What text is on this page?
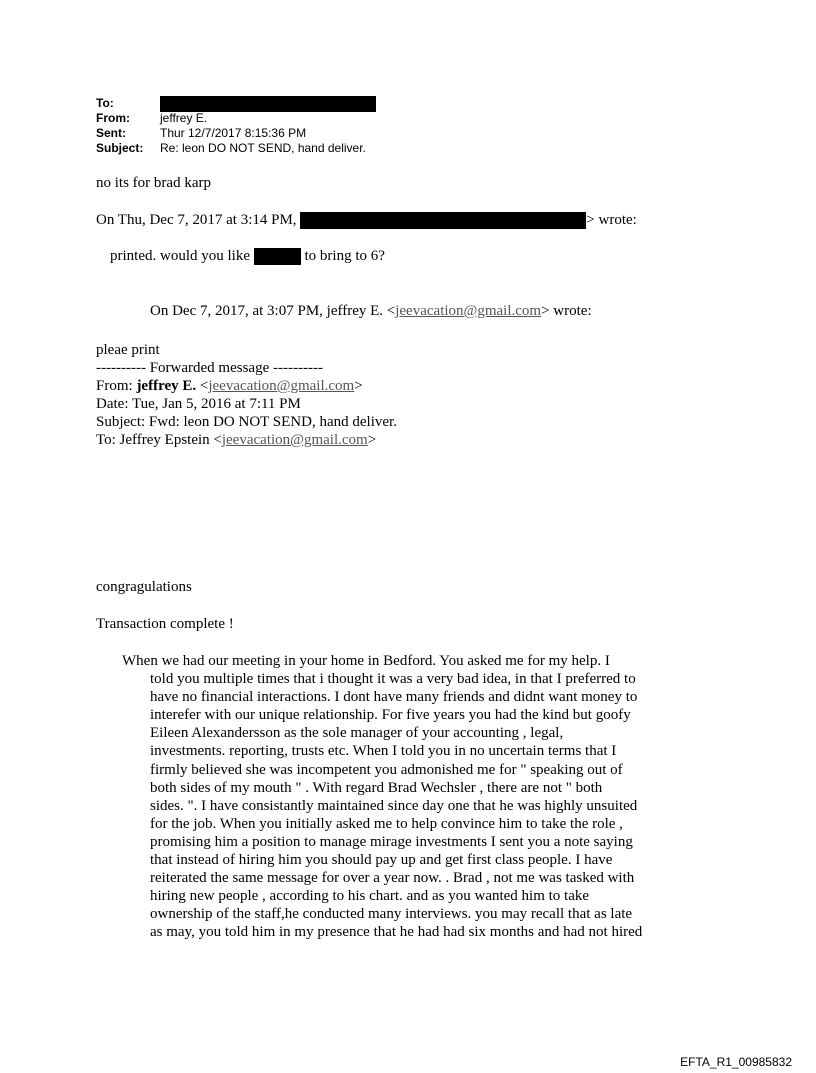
To:
From:	jeffrey E.
Sent:	Thur 12/7/2017 8:15:36 PM
Subject: Re: leon DO NOT SEND, hand deliver.
no its for brad karp
On Thu, Dec 7, 2017 at 3:14 PM,	> wrote:
printed. would you like	to bring to 6?
On Dec 7, 2017, at 3:07 PM, jeffrey E. <jeevacation@gmail.com> wrote:
pleae print
---------- Forwarded message ----------
From: jeffrey E. <jeevacation@gmail.com>
Date: Tue, Jan 5, 2016 at 7:11 PM
Subject: Fwd: leon DO NOT SEND, hand deliver.
To: Jeffrey Epstein <jeevacation@gmail.com>
congragulations
Transaction complete !
When we had our meeting in your home in Bedford. You asked me for my help. I
told you multiple times that i thought it was a very bad idea, in that I preferred to
have no financial interactions. I dont have many friends and didnt want money to
interefer with our unique relationship. For five years you had the kind but goofy
Eileen Alexandersson as the sole manager of your accounting , legal,
investments. reporting, trusts etc. When I told you in no uncertain terms that I
firmly believed she was incompetent you admonished me for " speaking out of
both sides of my mouth " . With regard Brad Wechsler , there are not " both
sides. ". I have consistantly maintained since day one that he was highly unsuited
for the job. When you initially asked me to help convince him to take the role ,
promising him a position to manage mirage investments I sent you a note saying
that instead of hiring him you should pay up and get first class people. I have
reiterated the same message for over a year now. . Brad , not me was tasked with
hiring new people , according to his chart. and as you wanted him to take
ownership of the staff,he conducted many interviews. you may recall that as late
as may, you told him in my presence that he had had six months and had not hired
EFTA_R1_00985832
